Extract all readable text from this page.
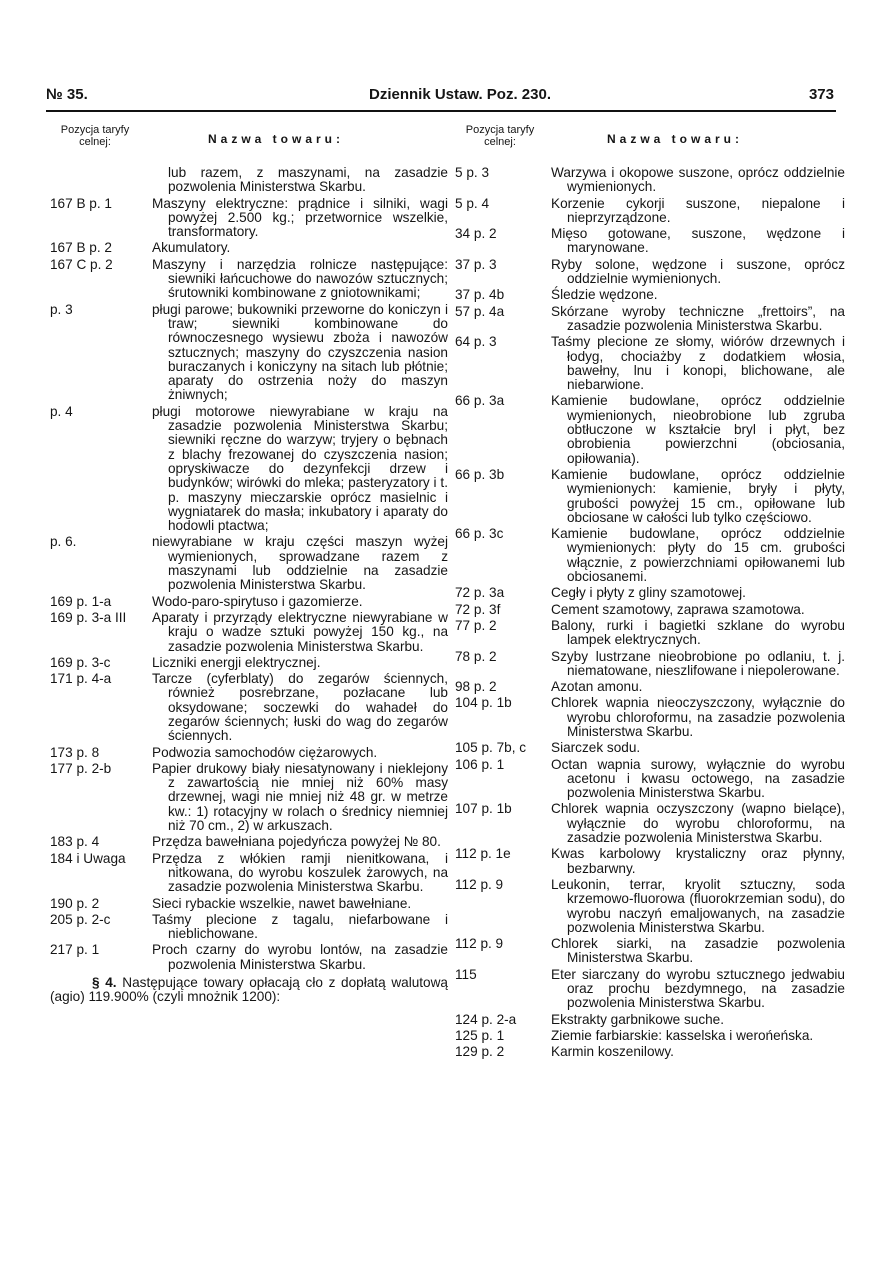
№ 35.	Dziennik Ustaw. Poz. 230.	373
Pozycja taryfy celnej:	Nazwa towaru:
lub razem, z maszynami, na zasadzie pozwolenia Ministerstwa Skarbu.
167 B p. 1	Maszyny elektryczne: prądnice i silniki, wagi powyżej 2.500 kg.; przetwornice wszelkie, transformatory.
167 B p. 2	Akumulatory.
167 C p. 2	Maszyny i narzędzia rolnicze następujące: siewniki łańcuchowe do nawozów sztucznych; śrutowniki kombinowane z gniotownikami;
p. 3	pługi parowe; bukowniki przeworne do koniczyn i traw; siewniki kombinowane do równoczesnego wysiewu zboża i nawozów sztucznych; maszyny do czyszczenia nasion buraczanych i koniczyny na sitach lub płótnie; aparaty do ostrzenia noży do maszyn żniwnych;
p. 4	pługi motorowe niewyrabiane w kraju na zasadzie pozwolenia Ministerstwa Skarbu; siewniki ręczne do warzyw; tryjery o bębnach z blachy frezowanej do czyszczenia nasion; opryskiwacze do dezynfekcji drzew i budynków; wirówki do mleka; pasteryzatory i t. p. maszyny mieczarskie oprócz masielnic i wygniatarek do masła; inkubatory i aparaty do hodowli ptactwa;
p. 6.	niewyrabiane w kraju części maszyn wyżej wymienionych, sprowadzane razem z maszynami lub oddzielnie na zasadzie pozwolenia Ministerstwa Skarbu.
169 p. 1-a	Wodo-paro-spirytuso i gazomierze.
169 p. 3-a III Aparaty i przyrządy elektryczne niewyrabiane w kraju o wadze sztuki powyżej 150 kg., na zasadzie pozwolenia Ministerstwa Skarbu.
169 p. 3-c	Liczniki energji elektrycznej.
171 p. 4-a	Tarcze (cyferblaty) do zegarów ściennych, również posrebrzane, pozłacane lub oksydowane; soczewki do wahadeł do zegarów ściennych; łuski do wag do zegarów ściennych.
173 p. 8	Podwozia samochodów ciężarowych.
177 p. 2-b	Papier drukowy biały niesatynowany i nieklejony z zawartością nie mniej niż 60% masy drzewnej, wagi nie mniej niż 48 gr. w metrze kw.: 1) rotacyjny w rolach o średnicy niemniej niż 70 cm., 2) w arkuszach.
183 p. 4	Przędza bawełniana pojedyńcza powyżej № 80.
184 i Uwaga Przędza z włókien ramji nienitkowana, i nitkowana, do wyrobu koszulek żarowych, na zasadzie pozwolenia Ministerstwa Skarbu.
190 p. 2	Sieci rybackie wszelkie, nawet bawełniane.
205 p. 2-c	Taśmy plecione z tagalu, niefarbowane i nieblichowane.
217 p. 1	Proch czarny do wyrobu lontów, na zasadzie pozwolenia Ministerstwa Skarbu.
§ 4. Następujące towary opłacają cło z dopłatą walutową (agio) 119.900% (czyli mnożnik 1200):
Pozycja taryfy celnej:	Nazwa towaru:
5 p. 3	Warzywa i okopowe suszone, oprócz oddzielnie wymienionych.
5 p. 4	Korzenie cykorji suszone, niepalone i nieprzyrządzone.
34 p. 2	Mięso gotowane, suszone, wędzone i marynowane.
37 p. 3	Ryby solone, wędzone i suszone, oprócz oddzielnie wymienionych.
37 p. 4b	Śledzie wędzone.
57 p. 4a	Skórzane wyroby techniczne „frettoirs”, na zasadzie pozwolenia Ministerstwa Skarbu.
64 p. 3	Taśmy plecione ze słomy, wiórów drzewnych i łodyg, chociażby z dodatkiem włosia, bawełny, lnu i konopi, blichowane, ale niebarwione.
66 p. 3a	Kamienie budowlane, oprócz oddzielnie wymienionych, nieobrobione lub zgruba obtłuczone w kształcie bryl i płyt, bez obrobienia powierzchni (obciosania, opiłowania).
66 p. 3b	Kamienie budowlane, oprócz oddzielnie wymienionych: kamienie, bryły i płyty, grubości powyżej 15 cm., opiłowane lub obciosane w całości lub tylko częściowo.
66 p. 3c	Kamienie budowlane, oprócz oddzielnie wymienionych: płyty do 15 cm. grubości włącznie, z powierzchniami opiłowanemi lub obciosanemi.
72 p. 3a	Cegły i płyty z gliny szamotowej.
72 p. 3f	Cement szamotowy, zaprawa szamotowa.
77 p. 2	Balony, rurki i bagietki szklane do wyrobu lampek elektrycznych.
78 p. 2	Szyby lustrzane nieobrobione po odlaniu, t. j. niematowane, nieszlifowane i niepolerowane.
98 p. 2	Azotan amonu.
104 p. 1b	Chlorek wapnia nieoczyszczony, wyłącznie do wyrobu chloroformu, na zasadzie pozwolenia Ministerstwa Skarbu.
105 p. 7b, c Siarczek sodu.
106 p. 1	Octan wapnia surowy, wyłącznie do wyrobu acetonu i kwasu octowego, na zasadzie pozwolenia Ministerstwa Skarbu.
107 p. 1b	Chlorek wapnia oczyszczony (wapno bielące), wyłącznie do wyrobu chloroformu, na zasadzie pozwolenia Ministerstwa Skarbu.
112 p. 1e	Kwas karbolowy krystaliczny oraz płynny, bezbarwny.
112 p. 9	Leukonin, terrar, kryolit sztuczny, soda krzemowo-fluorowa (fluorokrzemian sodu), do wyrobu naczyń emaljowanych, na zasadzie pozwolenia Ministerstwa Skarbu.
112 p. 9	Chlorek siarki, na zasadzie pozwolenia Ministerstwa Skarbu.
115	Eter siarczany do wyrobu sztucznego jedwabiu oraz prochu bezdymnego, na zasadzie pozwolenia Ministerstwa Skarbu.
124 p. 2-a	Ekstrakty garbnikowe suche.
125 p. 1	Ziemie farbiarskie: kasselska i werońeńska.
129 p. 2	Karmin koszenilowy.
